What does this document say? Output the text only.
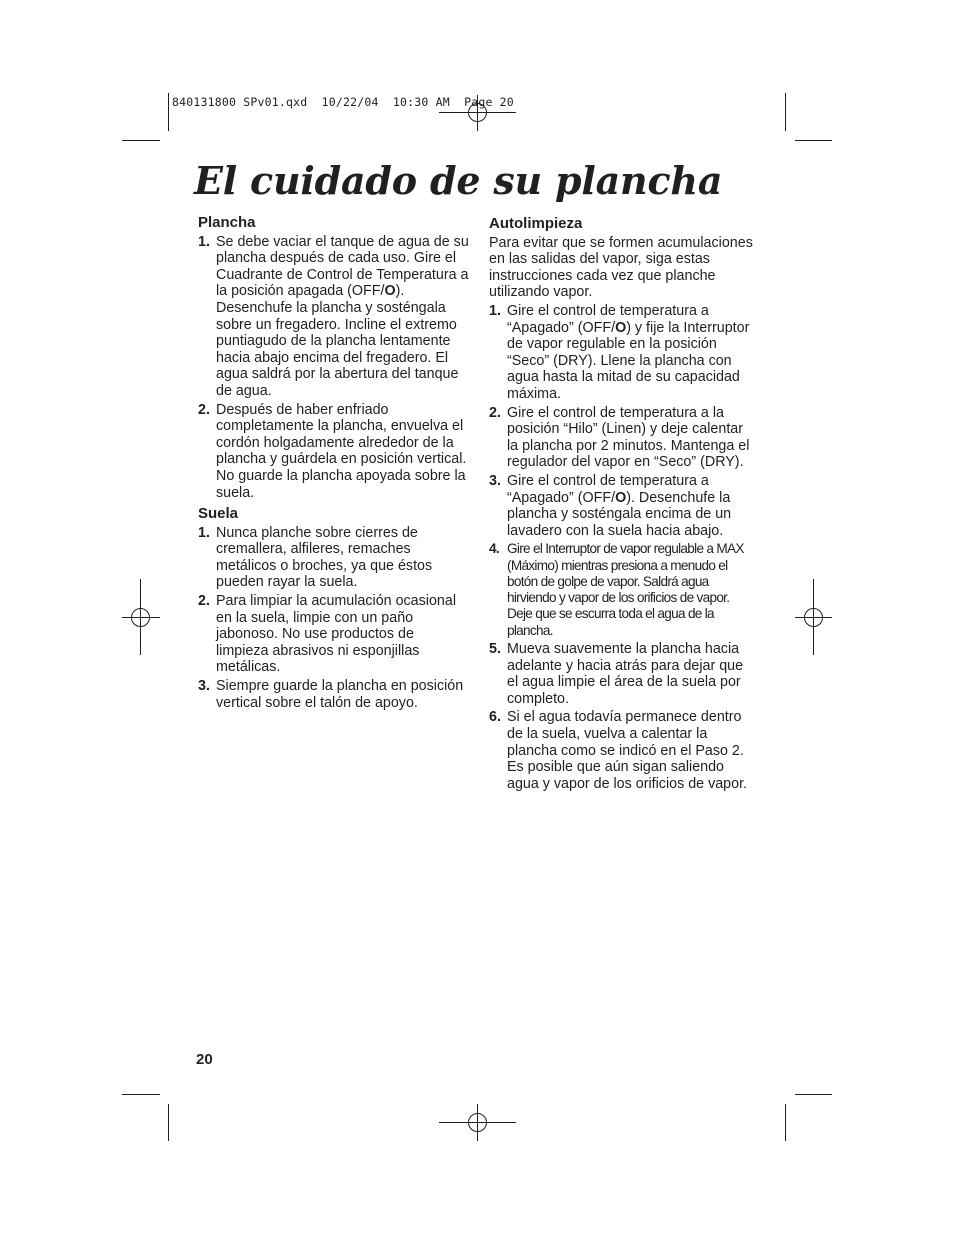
840131800 SPv01.qxd  10/22/04  10:30 AM  Page 20
El cuidado de su plancha
Plancha
1. Se debe vaciar el tanque de agua de su plancha después de cada uso. Gire el Cuadrante de Control de Temperatura a la posición apagada (OFF/O). Desenchufe la plancha y sosténgala sobre un fregadero. Incline el extremo puntiagudo de la plancha lentamente hacia abajo encima del fregadero. El agua saldrá por la abertura del tanque de agua.
2. Después de haber enfriado completamente la plancha, envuelva el cordón holgadamente alrededor de la plancha y guárdela en posición vertical. No guarde la plancha apoyada sobre la suela.
Suela
1. Nunca planche sobre cierres de cremallera, alfileres, remaches metálicos o broches, ya que éstos pueden rayar la suela.
2. Para limpiar la acumulación ocasional en la suela, limpie con un paño jabonoso. No use productos de limpieza abrasivos ni esponjillas metálicas.
3. Siempre guarde la plancha en posición vertical sobre el talón de apoyo.
Autolimpieza
Para evitar que se formen acumulaciones en las salidas del vapor, siga estas instrucciones cada vez que planche utilizando vapor.
1. Gire el control de temperatura a “Apagado” (OFF/O) y fije la Interruptor de vapor regulable en la posición “Seco” (DRY). Llene la plancha con agua hasta la mitad de su capacidad máxima.
2. Gire el control de temperatura a la posición “Hilo” (Linen) y deje calentar la plancha por 2 minutos. Mantenga el regulador del vapor en “Seco” (DRY).
3. Gire el control de temperatura a “Apagado” (OFF/O). Desenchufe la plancha y sosténgala encima de un lavadero con la suela hacia abajo.
4. Gire el Interruptor de vapor regulable a MAX (Máximo) mientras presiona a menudo el botón de golpe de vapor. Saldrá agua hirviendo y vapor de los orificios de vapor. Deje que se escurra toda el agua de la plancha.
5. Mueva suavemente la plancha hacia adelante y hacia atrás para dejar que el agua limpie el área de la suela por completo.
6. Si el agua todavía permanece dentro de la suela, vuelva a calentar la plancha como se indicó en el Paso 2. Es posible que aún sigan saliendo agua y vapor de los orificios de vapor.
20
